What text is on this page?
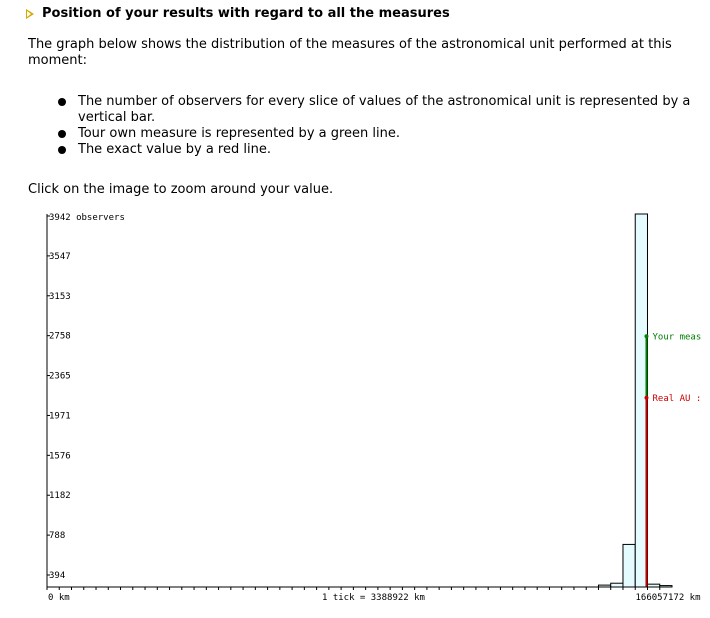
Position of your results with regard to all the measures
The graph below shows the distribution of the measures of the astronomical unit performed at this moment:
The number of observers for every slice of values of the astronomical unit is represented by a vertical bar.
Tour own measure is represented by a green line.
The exact value by a red line.
Click on the image to zoom around your value.
3942 observers
3547
3153
2758
2365
1971
1576
1182
788
394
Your meas
Real AU :
0 km	1 tick = 3388922 km	166057172 km
